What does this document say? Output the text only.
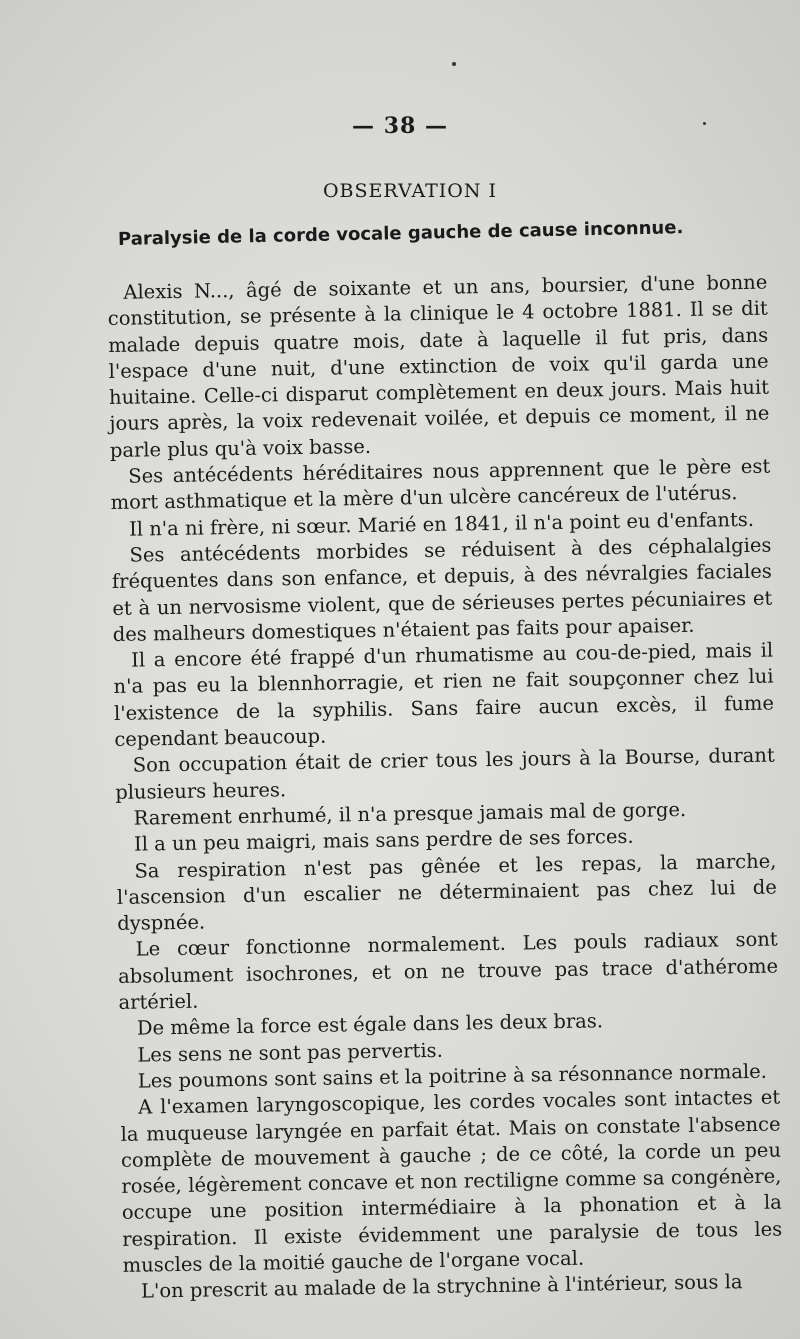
— 38 —
OBSERVATION I
Paralysie de la corde vocale gauche de cause inconnue.

Alexis N..., âgé de soixante et un ans, boursier, d'une bonne constitution, se présente à la clinique le 4 octobre 1881. Il se dit malade depuis quatre mois, date à laquelle il fut pris, dans l'espace d'une nuit, d'une extinction de voix qu'il garda une huitaine. Celle-ci disparut complètement en deux jours. Mais huit jours après, la voix redevenait voilée, et depuis ce moment, il ne parle plus qu'à voix basse.

Ses antécédents héréditaires nous apprennent que le père est mort asthmatique et la mère d'un ulcère cancéreux de l'utérus.

Il n'a ni frère, ni sœur. Marié en 1841, il n'a point eu d'enfants.

Ses antécédents morbides se réduisent à des céphalalgies fréquentes dans son enfance, et depuis, à des névralgies faciales et à un nervosisme violent, que de sérieuses pertes pécuniaires et des malheurs domestiques n'étaient pas faits pour apaiser.

Il a encore été frappé d'un rhumatisme au cou-de-pied, mais il n'a pas eu la blennhorragie, et rien ne fait soupçonner chez lui l'existence de la syphilis. Sans faire aucun excès, il fume cependant beaucoup.

Son occupation était de crier tous les jours à la Bourse, durant plusieurs heures.

Rarement enrhumé, il n'a presque jamais mal de gorge.

Il a un peu maigri, mais sans perdre de ses forces.

Sa respiration n'est pas gênée et les repas, la marche, l'ascension d'un escalier ne déterminaient pas chez lui de dyspnée.

Le cœur fonctionne normalement. Les pouls radiaux sont absolument isochrones, et on ne trouve pas trace d'athérome artériel.

De même la force est égale dans les deux bras.

Les sens ne sont pas pervertis.

Les poumons sont sains et la poitrine à sa résonnance normale.

A l'examen laryngoscopique, les cordes vocales sont intactes et la muqueuse laryngée en parfait état. Mais on constate l'absence complète de mouvement à gauche ; de ce côté, la corde un peu rosée, légèrement concave et non rectiligne comme sa congénère, occupe une position intermédiaire à la phonation et à la respiration. Il existe évidemment une paralysie de tous les muscles de la moitié gauche de l'organe vocal.

L'on prescrit au malade de la strychnine à l'intérieur, sous la
